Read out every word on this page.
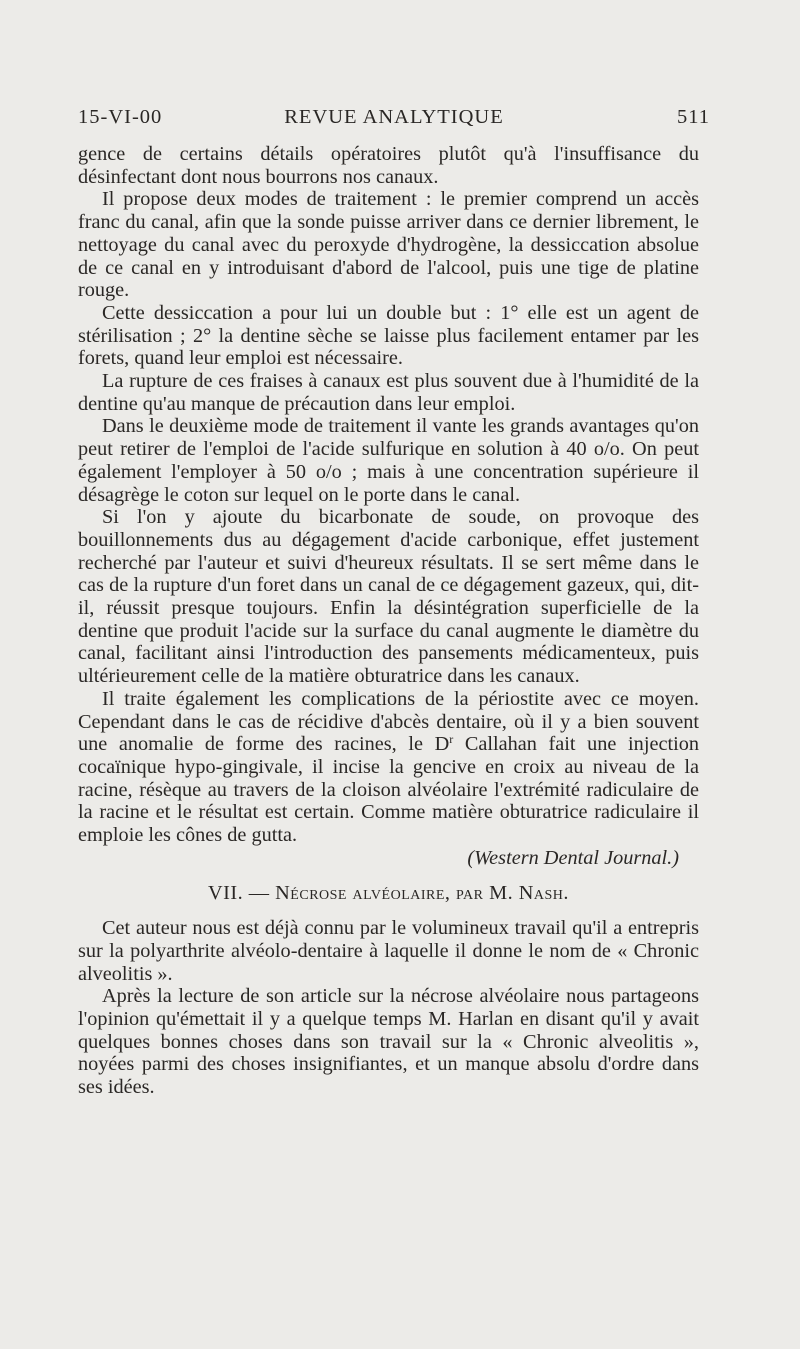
15-VI-00	REVUE ANALYTIQUE	511

gence de certains détails opératoires plutôt qu'à l'insuffisance du désinfectant dont nous bourrons nos canaux.

Il propose deux modes de traitement : le premier comprend un accès franc du canal, afin que la sonde puisse arriver dans ce dernier librement, le nettoyage du canal avec du peroxyde d'hydrogène, la dessiccation absolue de ce canal en y introduisant d'abord de l'alcool, puis une tige de platine rouge.

Cette dessiccation a pour lui un double but : 1° elle est un agent de stérilisation ; 2° la dentine sèche se laisse plus facilement entamer par les forets, quand leur emploi est nécessaire.

La rupture de ces fraises à canaux est plus souvent due à l'humidité de la dentine qu'au manque de précaution dans leur emploi.

Dans le deuxième mode de traitement il vante les grands avantages qu'on peut retirer de l'emploi de l'acide sulfurique en solution à 40 o/o. On peut également l'employer à 50 o/o ; mais à une concentration supérieure il désagrège le coton sur lequel on le porte dans le canal.

Si l'on y ajoute du bicarbonate de soude, on provoque des bouillonnements dus au dégagement d'acide carbonique, effet justement recherché par l'auteur et suivi d'heureux résultats. Il se sert même dans le cas de la rupture d'un foret dans un canal de ce dégagement gazeux, qui, dit-il, réussit presque toujours. Enfin la désintégration superficielle de la dentine que produit l'acide sur la surface du canal augmente le diamètre du canal, facilitant ainsi l'introduction des pansements médicamenteux, puis ultérieurement celle de la matière obturatrice dans les canaux.

Il traite également les complications de la périostite avec ce moyen. Cependant dans le cas de récidive d'abcès dentaire, où il y a bien souvent une anomalie de forme des racines, le $D^r$ Callahan fait une injection cocaïnique hypo-gingivale, il incise la gencive en croix au niveau de la racine, résèque au travers de la cloison alvéolaire l'extrémité radiculaire de la racine et le résultat est certain. Comme matière obturatrice radiculaire il emploie les cônes de gutta.

(Western Dental Journal.)

VII. — Nécrose alvéolaire, par M. Nash.

Cet auteur nous est déjà connu par le volumineux travail qu'il a entrepris sur la polyarthrite alvéolo-dentaire à laquelle il donne le nom de « Chronic alveolitis ».

Après la lecture de son article sur la nécrose alvéolaire nous partageons l'opinion qu'émettait il y a quelque temps M. Harlan en disant qu'il y avait quelques bonnes choses dans son travail sur la « Chronic alveolitis », noyées parmi des choses insignifiantes, et un manque absolu d'ordre dans ses idées.
